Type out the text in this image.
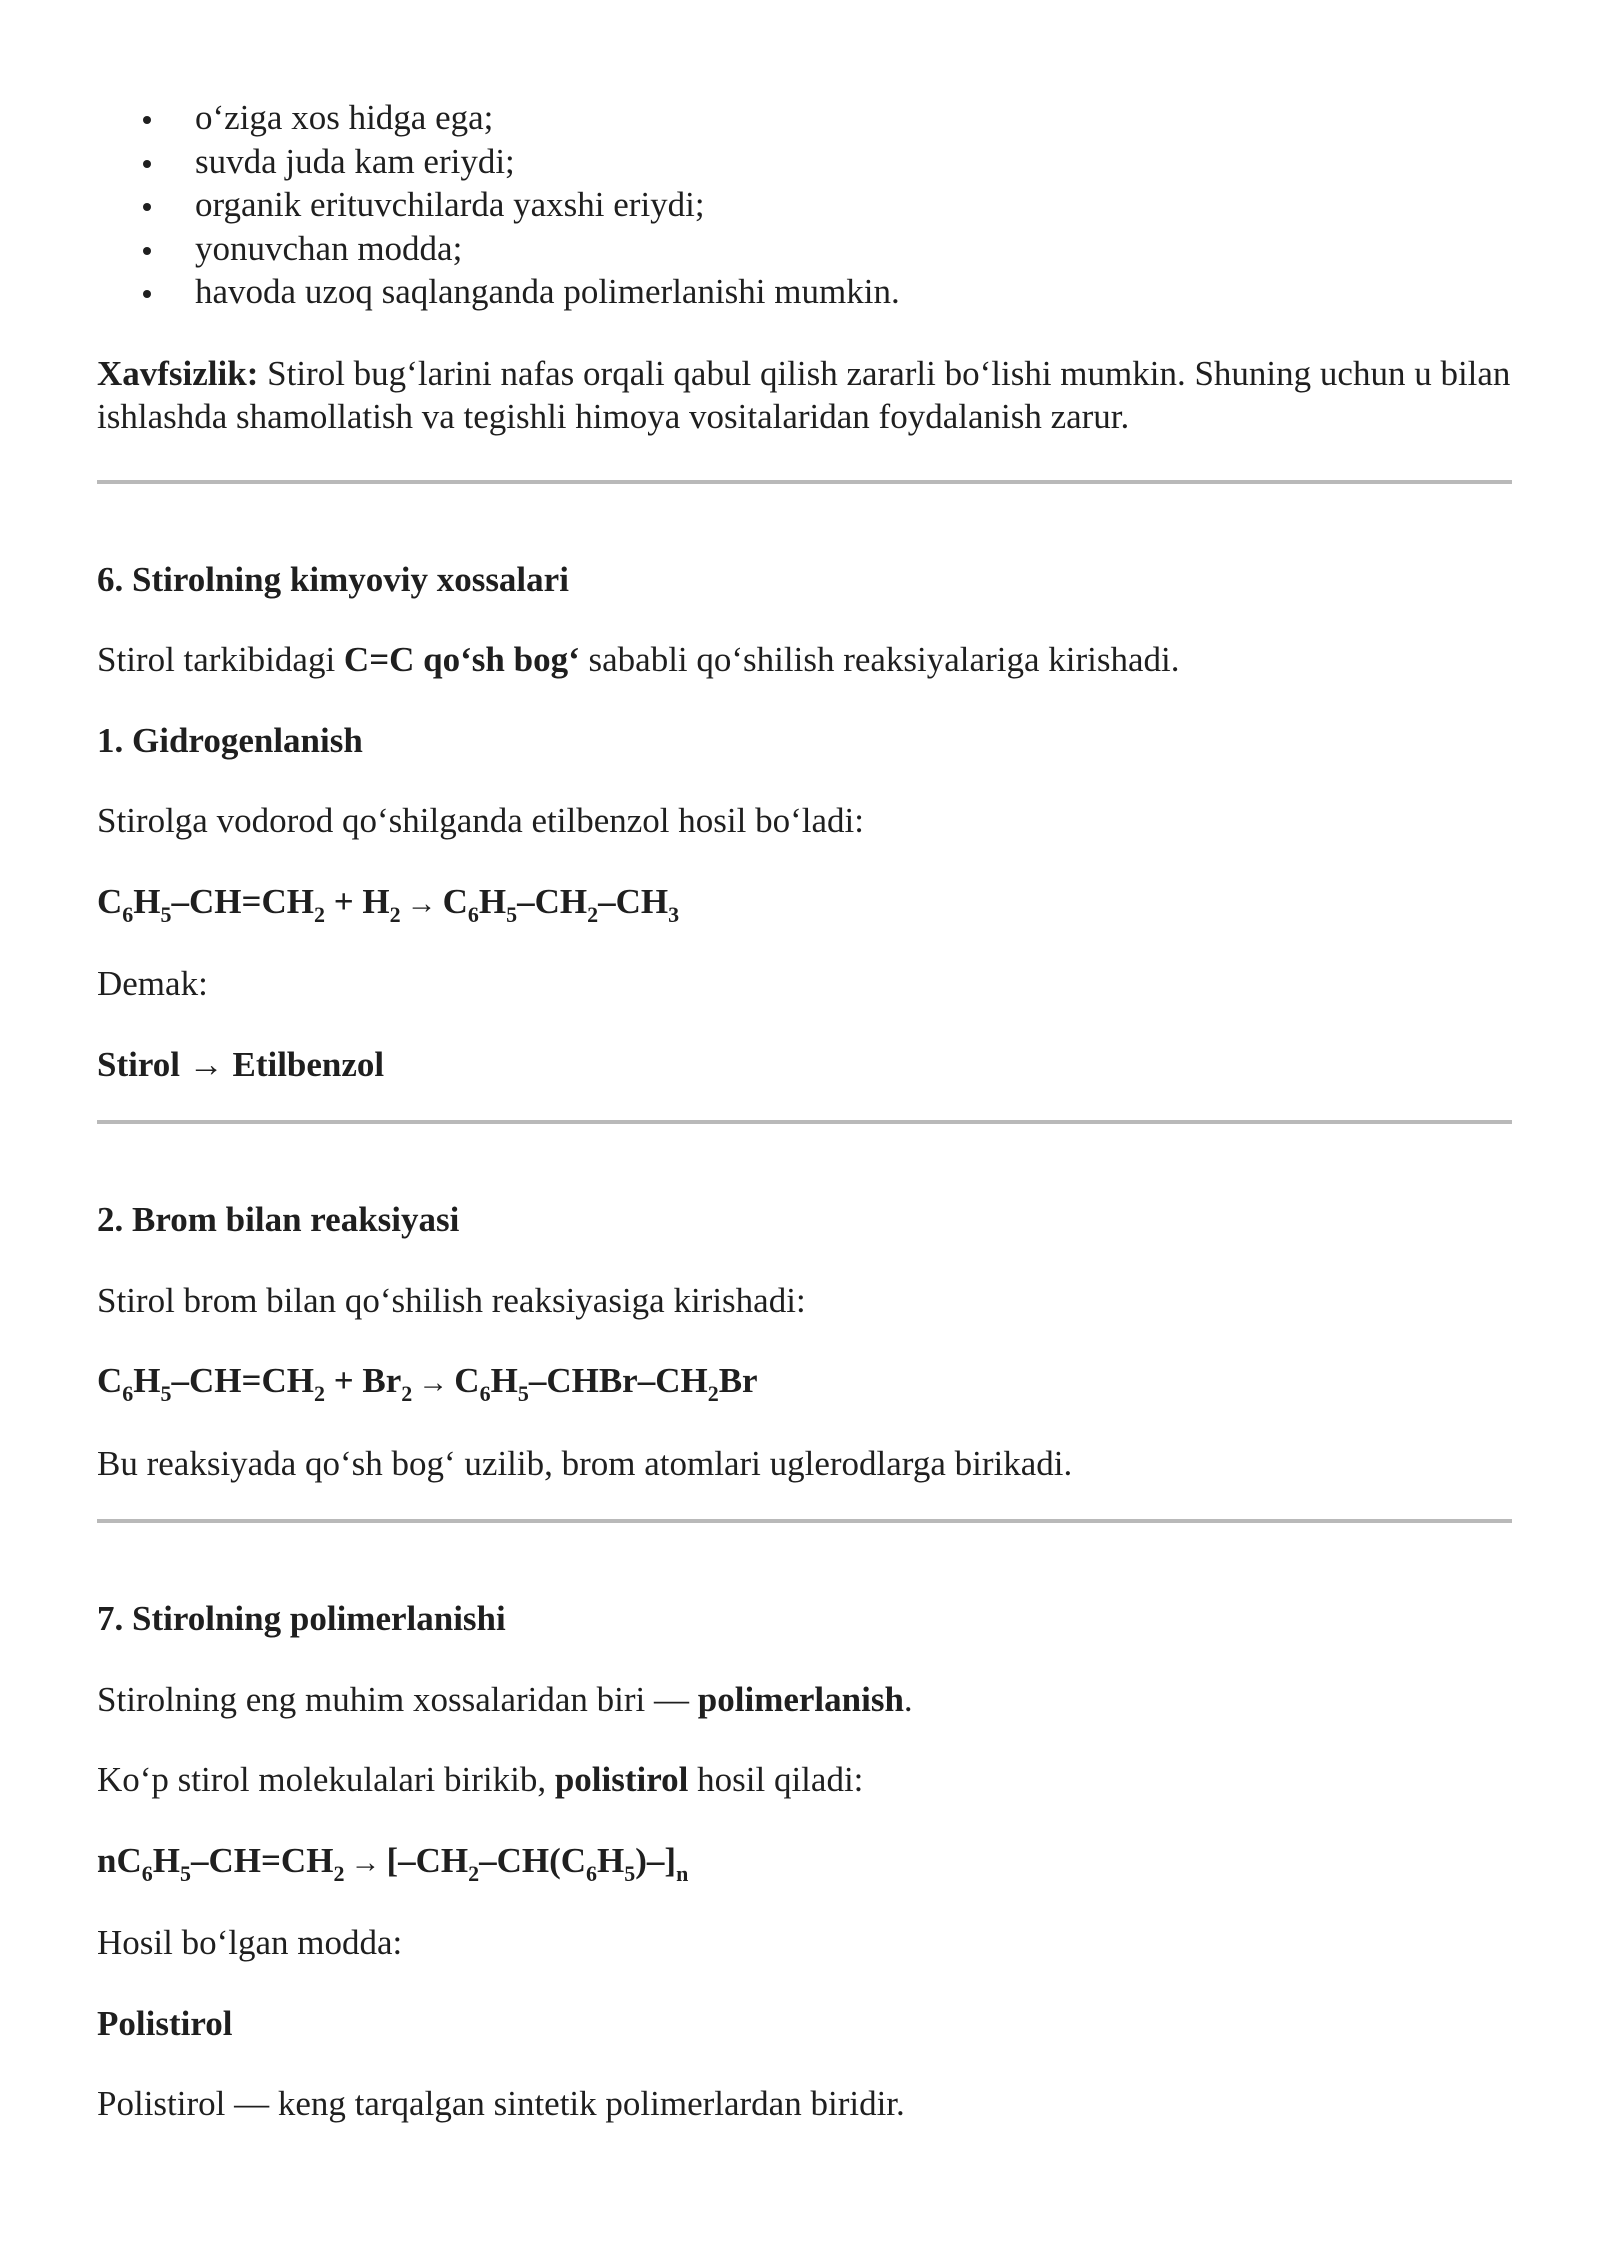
o‘ziga xos hidga ega;
suvda juda kam eriydi;
organik erituvchilarda yaxshi eriydi;
yonuvchan modda;
havoda uzoq saqlanganda polimerlanishi mumkin.

Xavfsizlik: Stirol bug‘larini nafas orqali qabul qilish zararli bo‘lishi mumkin. Shuning uchun u bilan ishlashda shamollatish va tegishli himoya vositalaridan foydalanish zarur.

6. Stirolning kimyoviy xossalari

Stirol tarkibidagi C=C qo‘sh bog‘ sababli qo‘shilish reaksiyalariga kirishadi.

1. Gidrogenlanish

Stirolga vodorod qo‘shilganda etilbenzol hosil bo‘ladi:

$C_6H_5-CH=CH_2 + H_2 \to C_6H_5-CH_2-CH_3$

Demak:

Stirol → Etilbenzol

2. Brom bilan reaksiyasi

Stirol brom bilan qo‘shilish reaksiyasiga kirishadi:

$C_6H_5-CH=CH_2 + Br_2$ → $C_6H_5-CHBr-CH_2Br$

Bu reaksiyada qo‘sh bog‘ uzilib, brom atomlari uglerodlarga birikadi.

7. Stirolning polimerlanishi

Stirolning eng muhim xossalaridan biri — polimerlanish.

Ko‘p stirol molekulalari birikib, polistirol hosil qiladi:

$nC_6H_5-CH=CH_2 \to [-CH_2-CH(C_6H_5)-]_n$

Hosil bo‘lgan modda:

Polistirol

Polistirol — keng tarqalgan sintetik polimerlardan biridir.
